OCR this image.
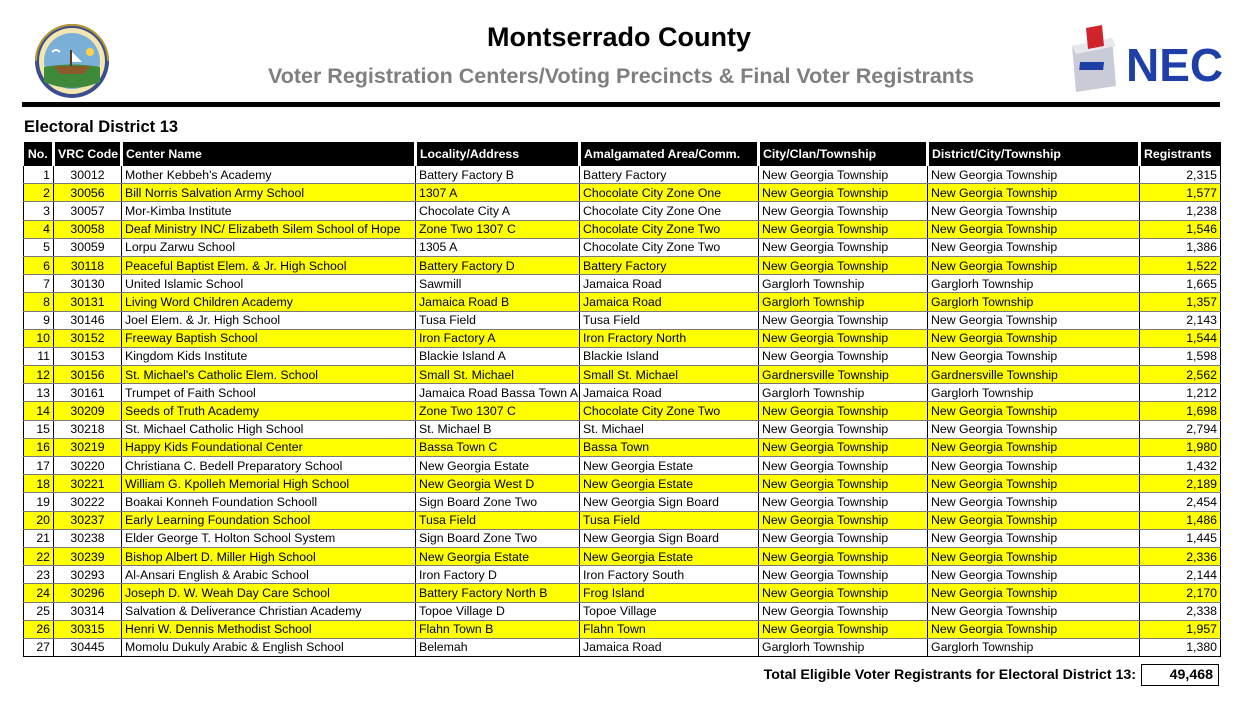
Montserrado County
Voter Registration Centers/Voting Precincts & Final Voter Registrants	NEC
Electoral District 13
No.	VRC Code	Center Name	Locality/Address	Amalgamated Area/Comm.	City/Clan/Township	District/City/Township	Registrants
1	30012	Mother Kebbeh's Academy	Battery Factory B	Battery Factory	New Georgia Township	New Georgia Township	2,315
2	30056	Bill Norris Salvation Army School	1307 A	Chocolate City Zone One	New Georgia Township	New Georgia Township	1,577
3	30057	Mor-Kimba Institute	Chocolate City A	Chocolate City Zone One	New Georgia Township	New Georgia Township	1,238
4	30058	Deaf Ministry INC/ Elizabeth Silem School of Hope	Zone Two 1307 C	Chocolate City Zone Two	New Georgia Township	New Georgia Township	1,546
5	30059	Lorpu Zarwu School	1305 A	Chocolate City Zone Two	New Georgia Township	New Georgia Township	1,386
6	30118	Peaceful Baptist Elem. & Jr. High School	Battery Factory D	Battery Factory	New Georgia Township	New Georgia Township	1,522
7	30130	United Islamic School	Sawmill	Jamaica Road	Garglorh Township	Garglorh Township	1,665
8	30131	Living Word Children Academy	Jamaica Road B	Jamaica Road	Garglorh Township	Garglorh Township	1,357
9	30146	Joel Elem. & Jr. High School	Tusa Field	Tusa Field	New Georgia Township	New Georgia Township	2,143
10	30152	Freeway Baptish School	Iron Factory A	Iron Fractory North	New Georgia Township	New Georgia Township	1,544
11	30153	Kingdom Kids Institute	Blackie Island A	Blackie Island	New Georgia Township	New Georgia Township	1,598
12	30156	St. Michael's Catholic Elem. School	Small St. Michael	Small St. Michael	Gardnersville Township	Gardnersville Township	2,562
13	30161	Trumpet of Faith School	Jamaica Road Bassa Town A	Jamaica Road	Garglorh Township	Garglorh Township	1,212
14	30209	Seeds of Truth Academy	Zone Two 1307 C	Chocolate City Zone Two	New Georgia Township	New Georgia Township	1,698
15	30218	St. Michael Catholic High School	St. Michael B	St. Michael	New Georgia Township	New Georgia Township	2,794
16	30219	Happy Kids Foundational Center	Bassa Town C	Bassa Town	New Georgia Township	New Georgia Township	1,980
17	30220	Christiana C. Bedell Preparatory School	New Georgia Estate	New Georgia Estate	New Georgia Township	New Georgia Township	1,432
18	30221	William G. Kpolleh Memorial High School	New Georgia West D	New Georgia Estate	New Georgia Township	New Georgia Township	2,189
19	30222	Boakai Konneh Foundation Schooll	Sign Board Zone Two	New Georgia Sign Board	New Georgia Township	New Georgia Township	2,454
20	30237	Early Learning Foundation School	Tusa Field	Tusa Field	New Georgia Township	New Georgia Township	1,486
21	30238	Elder George T. Holton School System	Sign Board Zone Two	New Georgia Sign Board	New Georgia Township	New Georgia Township	1,445
22	30239	Bishop Albert D. Miller High School	New Georgia Estate	New Georgia Estate	New Georgia Township	New Georgia Township	2,336
23	30293	Al-Ansari English & Arabic School	Iron Factory D	Iron Factory South	New Georgia Township	New Georgia Township	2,144
24	30296	Joseph D. W. Weah Day Care School	Battery Factory North B	Frog Island	New Georgia Township	New Georgia Township	2,170
25	30314	Salvation & Deliverance Christian Academy	Topoe Village D	Topoe Village	New Georgia Township	New Georgia Township	2,338
26	30315	Henri W. Dennis Methodist School	Flahn Town B	Flahn Town	New Georgia Township	New Georgia Township	1,957
27	30445	Momolu Dukuly Arabic & English School	Belemah	Jamaica Road	Garglorh Township	Garglorh Township	1,380
Total Eligible Voter Registrants for Electoral District 13:	49,468
